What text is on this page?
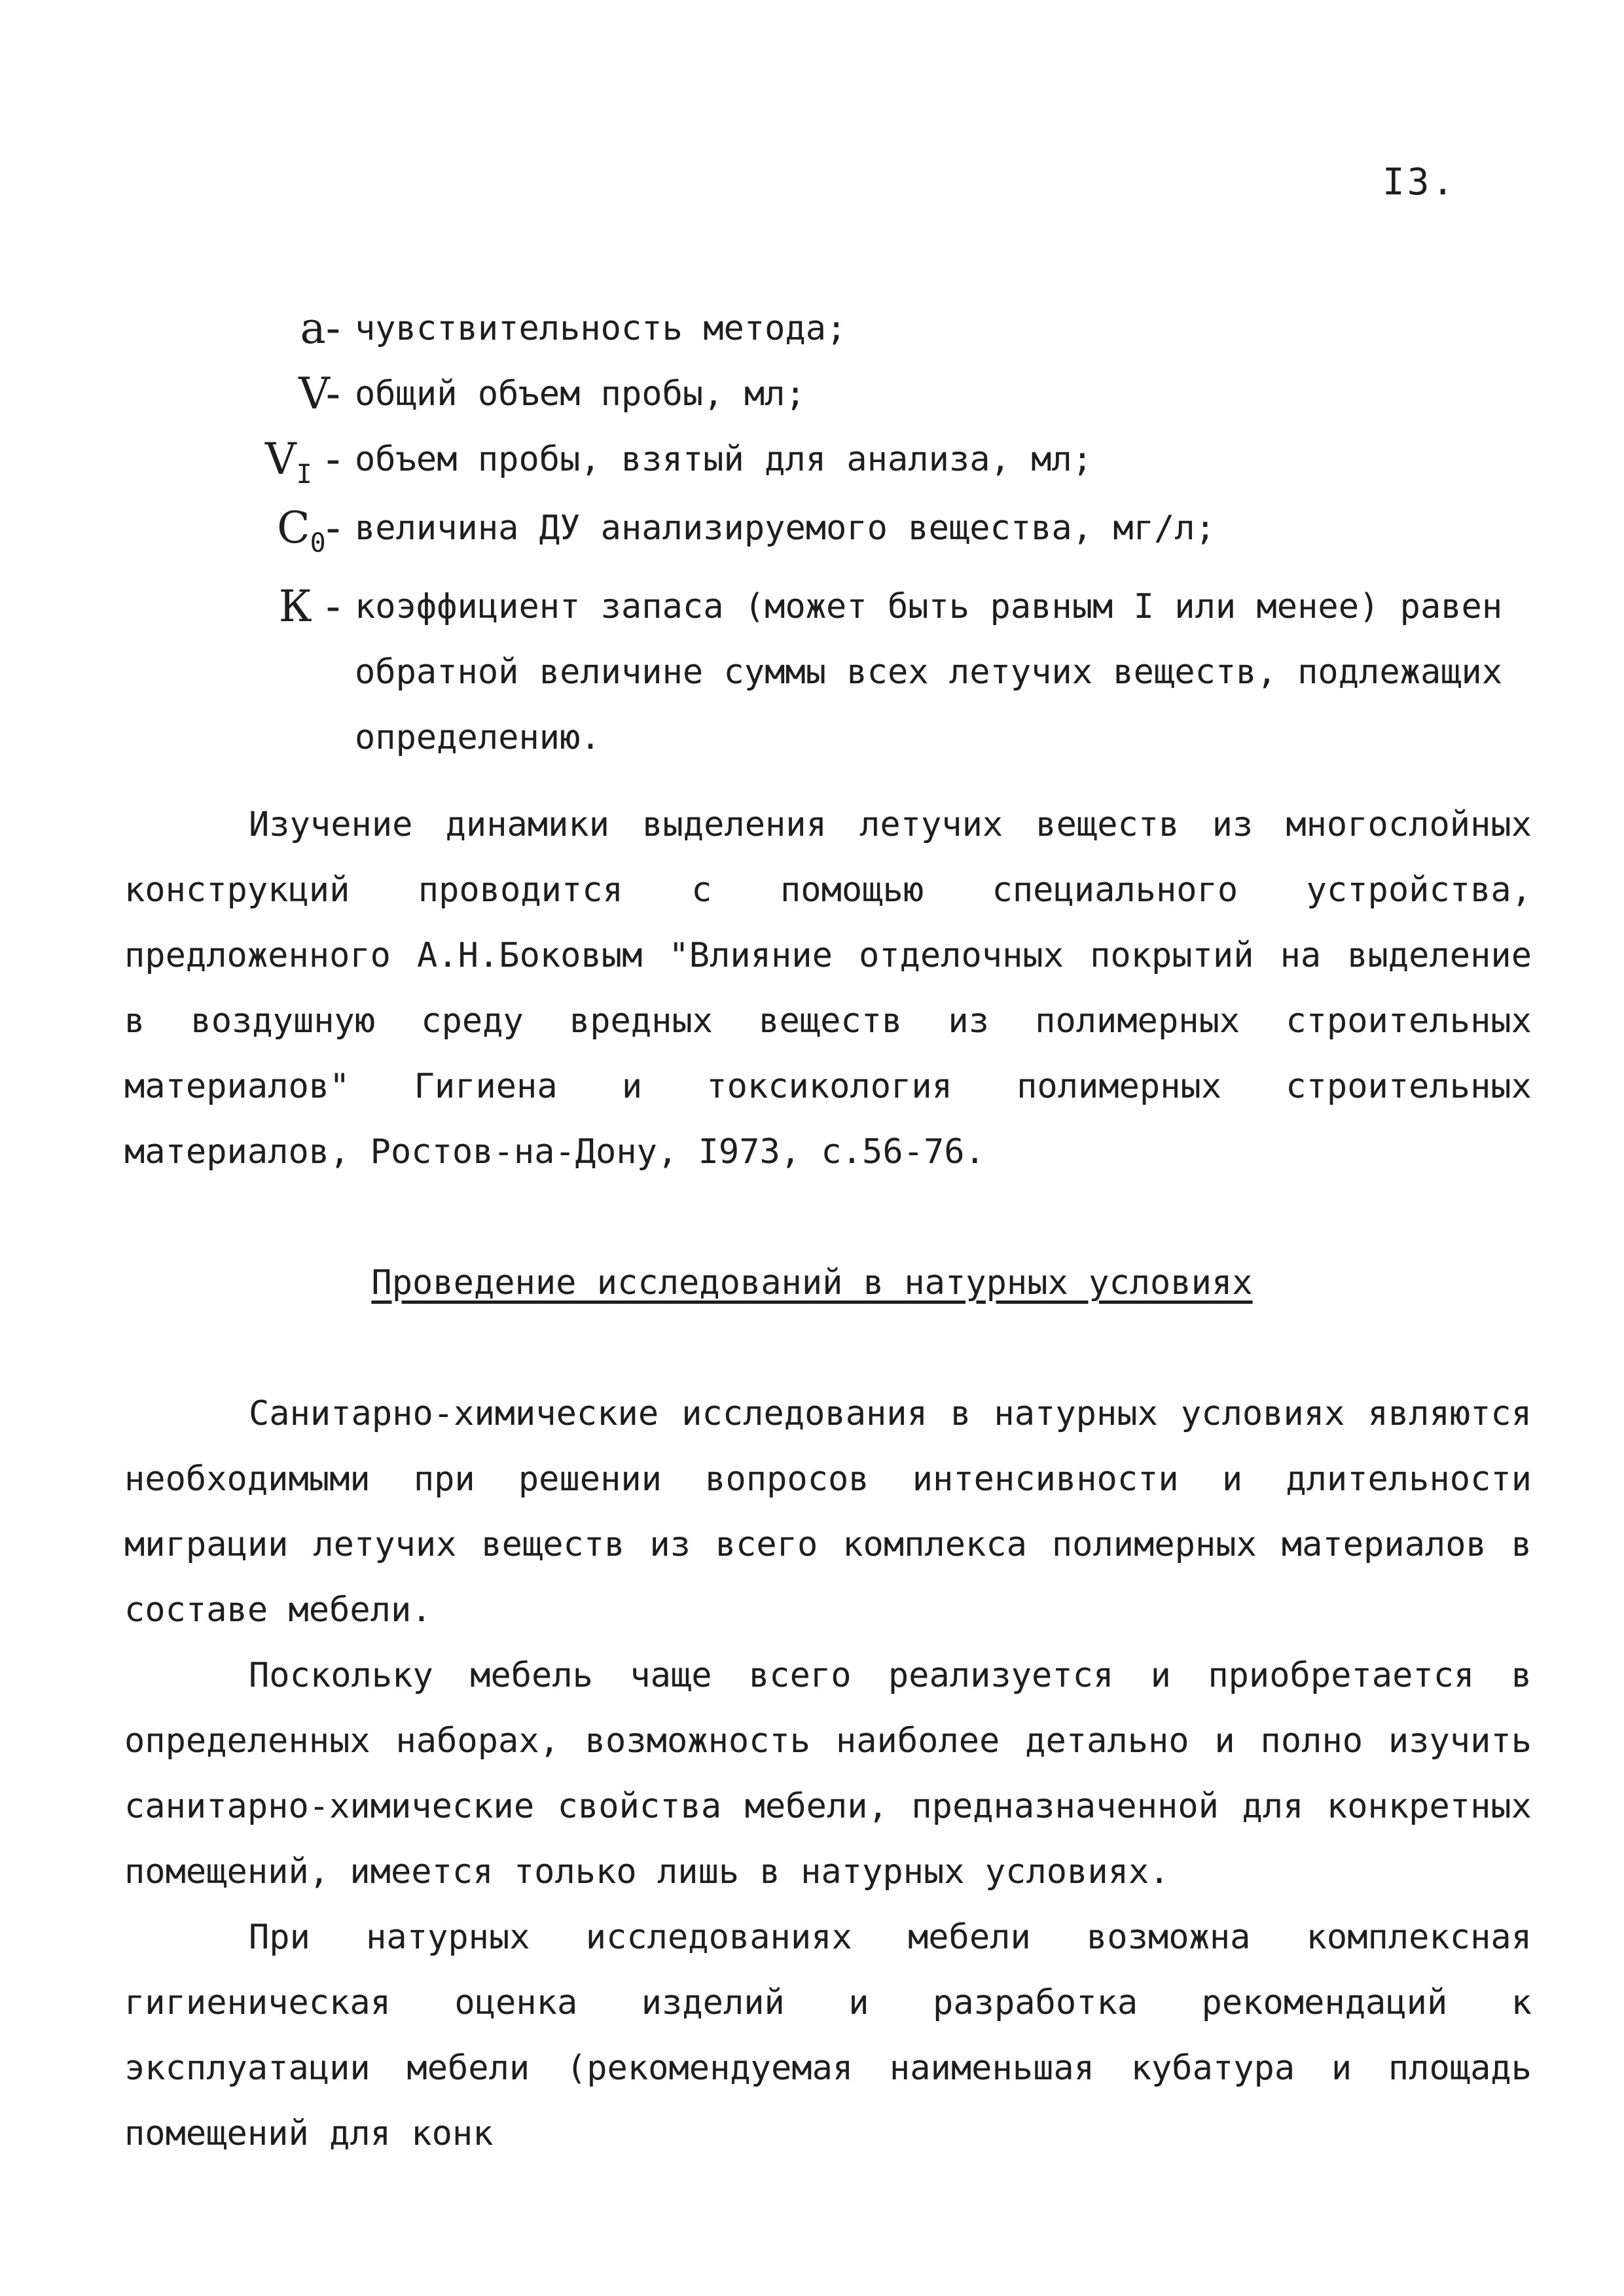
I3.
a- чувствительность метода;
V- общий объем пробы, мл;
$V_I$ - объем пробы, взятый для анализа, мл;
$C_0-$ величина ДУ анализируемого вещества, мг/л;
К - коэффициент запаса (может быть равным I или менее) равен обратной величине суммы всех летучих веществ, подлежащих определению.

Изучение динамики выделения летучих веществ из многослойных конструкций проводится с помощью специального устройства, предложенного А.Н.Боковым "Влияние отделочных покрытий на выделение в воздушную среду вредных веществ из полимерных строительных материалов" Гигиена и токсикология полимерных строительных материалов, Ростов-на-Дону, I973, с.56-76.

Проведение исследований в натурных условиях

Санитарно-химические исследования в натурных условиях являются необходимыми при решении вопросов интенсивности и длительности миграции летучих веществ из всего комплекса полимерных материалов в составе мебели.

Поскольку мебель чаще всего реализуется и приобретается в определенных наборах, возможность наиболее детально и полно изучить санитарно-химические свойства мебели, предназначенной для конкретных помещений, имеется только лишь в натурных условиях.

При натурных исследованиях мебели возможна комплексная гигиеническая оценка изделий и разработка рекомендаций к эксплуатации мебели (рекомендуемая наименьшая кубатура и площадь помещений для конк
